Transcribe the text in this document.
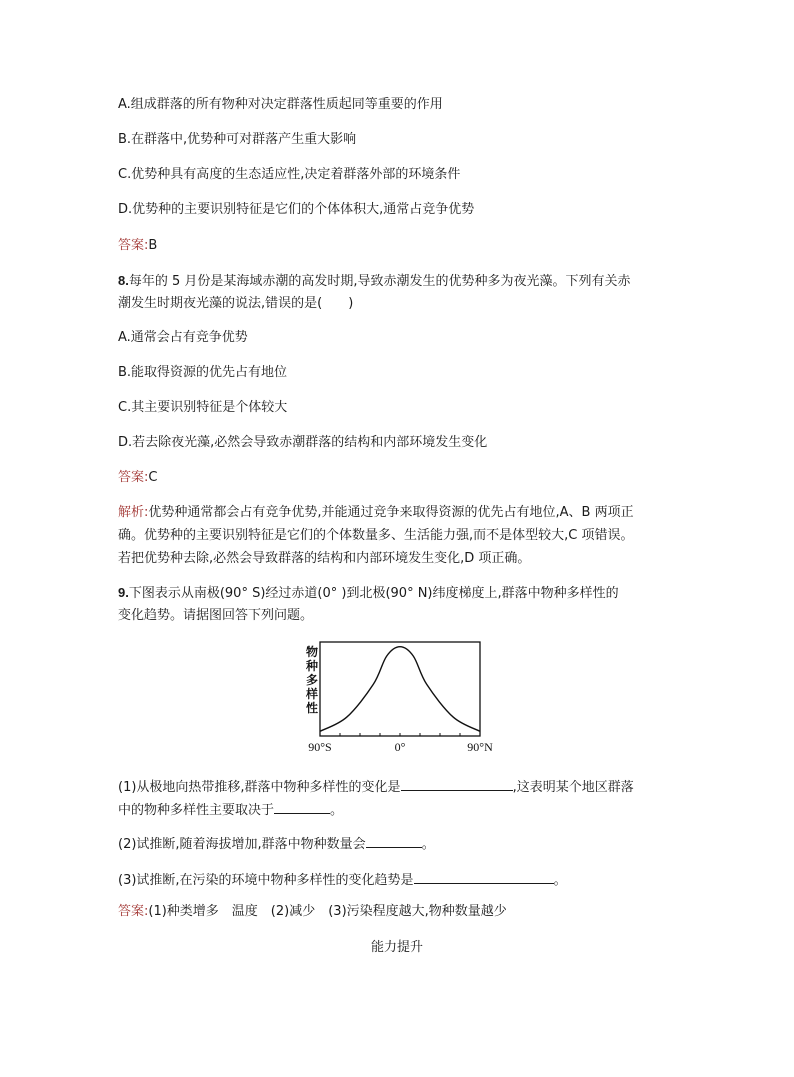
A.组成群落的所有物种对决定群落性质起同等重要的作用
B.在群落中,优势种可对群落产生重大影响
C.优势种具有高度的生态适应性,决定着群落外部的环境条件
D.优势种的主要识别特征是它们的个体体积大,通常占竞争优势
答案:B
8.每年的 5 月份是某海域赤潮的高发时期,导致赤潮发生的优势种多为夜光藻。下列有关赤
潮发生时期夜光藻的说法,错误的是(　　)
A.通常会占有竞争优势
B.能取得资源的优先占有地位
C.其主要识别特征是个体较大
D.若去除夜光藻,必然会导致赤潮群落的结构和内部环境发生变化
答案:C
解析:优势种通常都会占有竞争优势,并能通过竞争来取得资源的优先占有地位,A、B 两项正
确。优势种的主要识别特征是它们的个体数量多、生活能力强,而不是体型较大,C 项错误。
若把优势种去除,必然会导致群落的结构和内部环境发生变化,D 项正确。
9.下图表示从南极(90° S)经过赤道(0° )到北极(90° N)纬度梯度上,群落中物种多样性的
变化趋势。请据图回答下列问题。
物
种
多
样
性
90°S	0°	90°N
(1)从极地向热带推移,群落中物种多样性的变化是	,这表明某个地区群落
中的物种多样性主要取决于	。
(2)试推断,随着海拔增加,群落中物种数量会	。
(3)试推断,在污染的环境中物种多样性的变化趋势是	。
答案:(1)种类增多　温度　(2)减少　(3)污染程度越大,物种数量越少
能力提升
